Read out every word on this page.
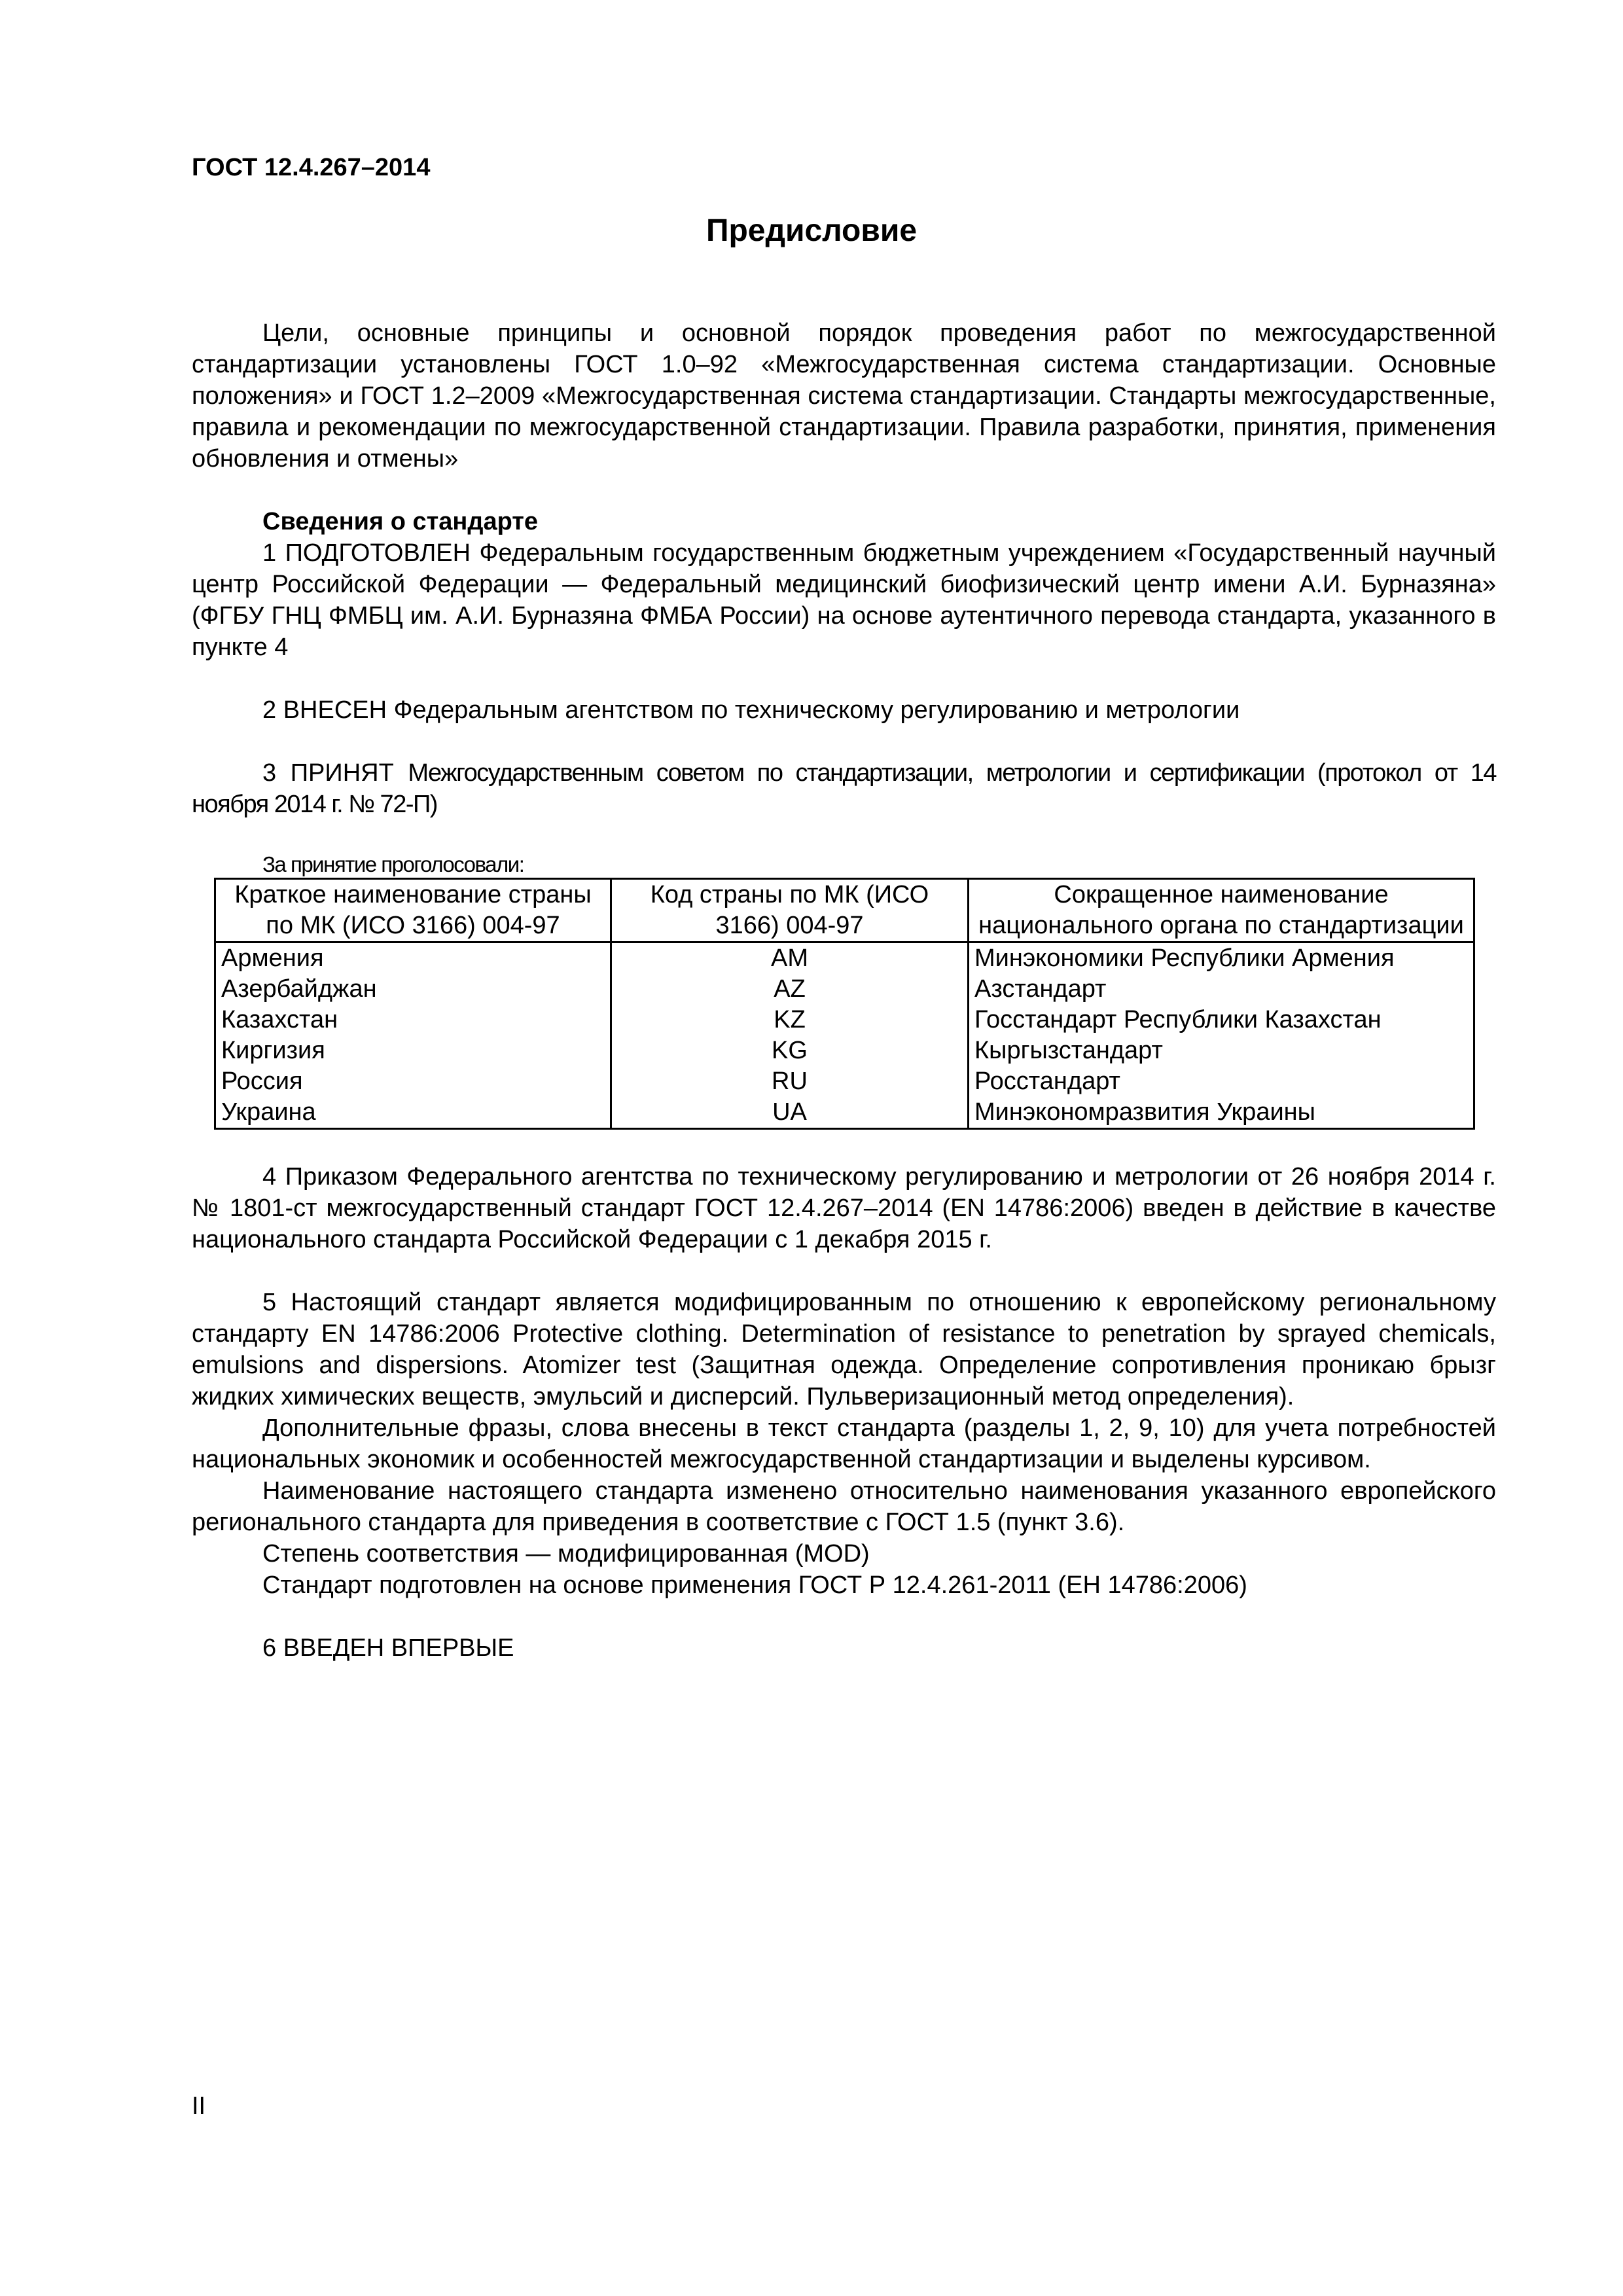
ГОСТ 12.4.267–2014
Предисловие

Цели, основные принципы и основной порядок проведения работ по межгосударственной стандартизации установлены ГОСТ 1.0–92 «Межгосударственная система стандартизации. Основные положения» и ГОСТ 1.2–2009 «Межгосударственная система стандартизации. Стандарты межгосударственные, правила и рекомендации по межгосударственной стандартизации. Правила разработки, принятия, применения обновления и отмены»

Сведения о стандарте

1 ПОДГОТОВЛЕН Федеральным государственным бюджетным учреждением «Государственный научный центр Российской Федерации — Федеральный медицинский биофизический центр имени А.И. Бурназяна» (ФГБУ ГНЦ ФМБЦ им. А.И. Бурназяна ФМБА России) на основе аутентичного перевода стандарта, указанного в пункте 4

2 ВНЕСЕН Федеральным агентством по техническому регулированию и метрологии

3 ПРИНЯТ Межгосударственным советом по стандартизации, метрологии и сертификации (протокол от 14 ноября 2014 г. № 72-П)

За принятие проголосовали:

Краткое наименование страны по МК (ИСО 3166) 004-97	Код страны по МК (ИСО 3166) 004-97	Сокращенное наименование национального органа по стандартизации
Армения	AM	Минэкономики Республики Армения
Азербайджан	AZ	Азстандарт
Казахстан	KZ	Госстандарт Республики Казахстан
Киргизия	KG	Кыргызстандарт
Россия	RU	Росстандарт
Украина	UA	Минэкономразвития Украины

4 Приказом Федерального агентства по техническому регулированию и метрологии от 26 ноября 2014 г. № 1801-ст межгосударственный стандарт ГОСТ 12.4.267–2014 (EN 14786:2006) введен в действие в качестве национального стандарта Российской Федерации с 1 декабря 2015 г.

5 Настоящий стандарт является модифицированным по отношению к европейскому региональному стандарту EN 14786:2006 Protective clothing. Determination of resistance to penetration by sprayed chemicals, emulsions and dispersions. Atomizer test (Защитная одежда. Определение сопротивления проникаю брызг жидких химических веществ, эмульсий и дисперсий. Пульверизационный метод определения).

Дополнительные фразы, слова внесены в текст стандарта (разделы 1, 2, 9, 10) для учета потребностей национальных экономик и особенностей межгосударственной стандартизации и выделены курсивом.

Наименование настоящего стандарта изменено относительно наименования указанного европейского регионального стандарта для приведения в соответствие с ГОСТ 1.5 (пункт 3.6).

Степень соответствия — модифицированная (MOD)

Стандарт подготовлен на основе применения ГОСТ Р 12.4.261-2011 (ЕН 14786:2006)

6 ВВЕДЕН ВПЕРВЫЕ

II
